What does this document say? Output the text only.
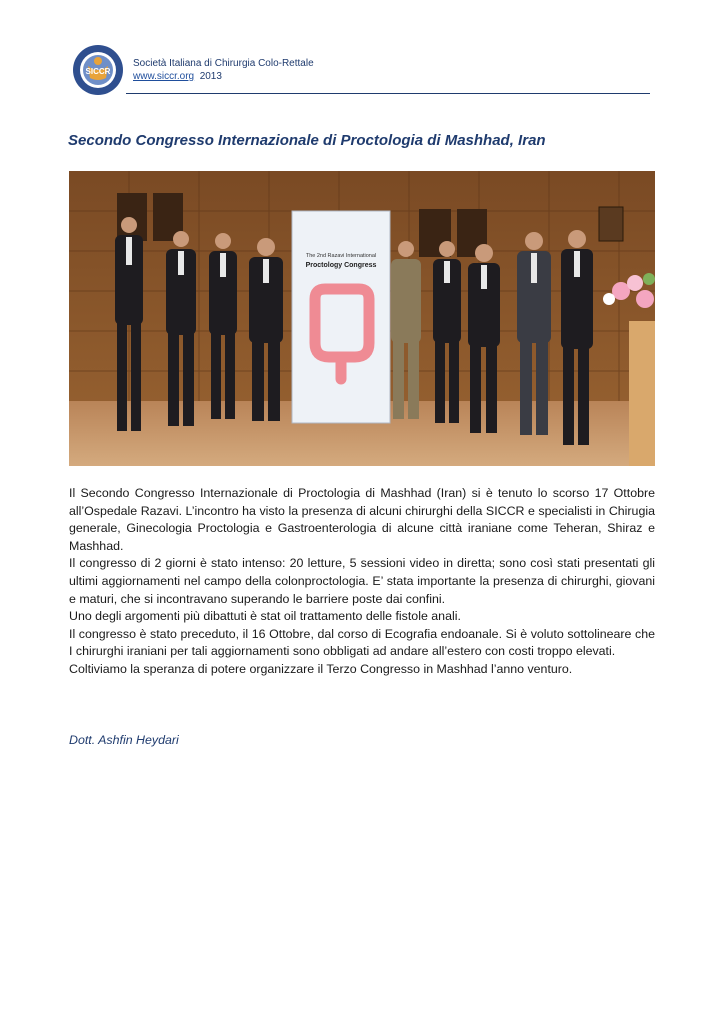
SICCR
Società Italiana di Chirurgia Colo-Rettale
www.siccr.org 2013
Secondo Congresso Internazionale di Proctologia di Mashhad, Iran
The 2nd Razavi International
Proctology Congress

Il Secondo Congresso Internazionale di Proctologia di Mashhad (Iran) si è tenuto lo scorso 17 Ottobre all’Ospedale Razavi. L’incontro ha visto la presenza di alcuni chirurghi della SICCR e specialisti in Chirugia generale, Ginecologia Proctologia e Gastroenterologia di alcune città iraniane come Teheran, Shiraz e Mashhad.

Il congresso di 2 giorni è stato intenso: 20 letture, 5 sessioni video in diretta; sono così stati presentati gli ultimi aggiornamenti nel campo della colonproctologia. E’ stata importante la presenza di chirurghi, giovani e maturi, che si incontravano superando le barriere poste dai confini.

Uno degli argomenti più dibattuti è stat oil trattamento delle fistole anali.

Il congresso è stato preceduto, il 16 Ottobre, dal corso di Ecografia endoanale. Si è voluto sottolineare che I chirurghi iraniani per tali aggiornamenti sono obbligati ad andare all’estero con costi troppo elevati.

Coltiviamo la speranza di potere organizzare il Terzo Congresso in Mashhad l’anno venturo.

Dott. Ashfin Heydari
